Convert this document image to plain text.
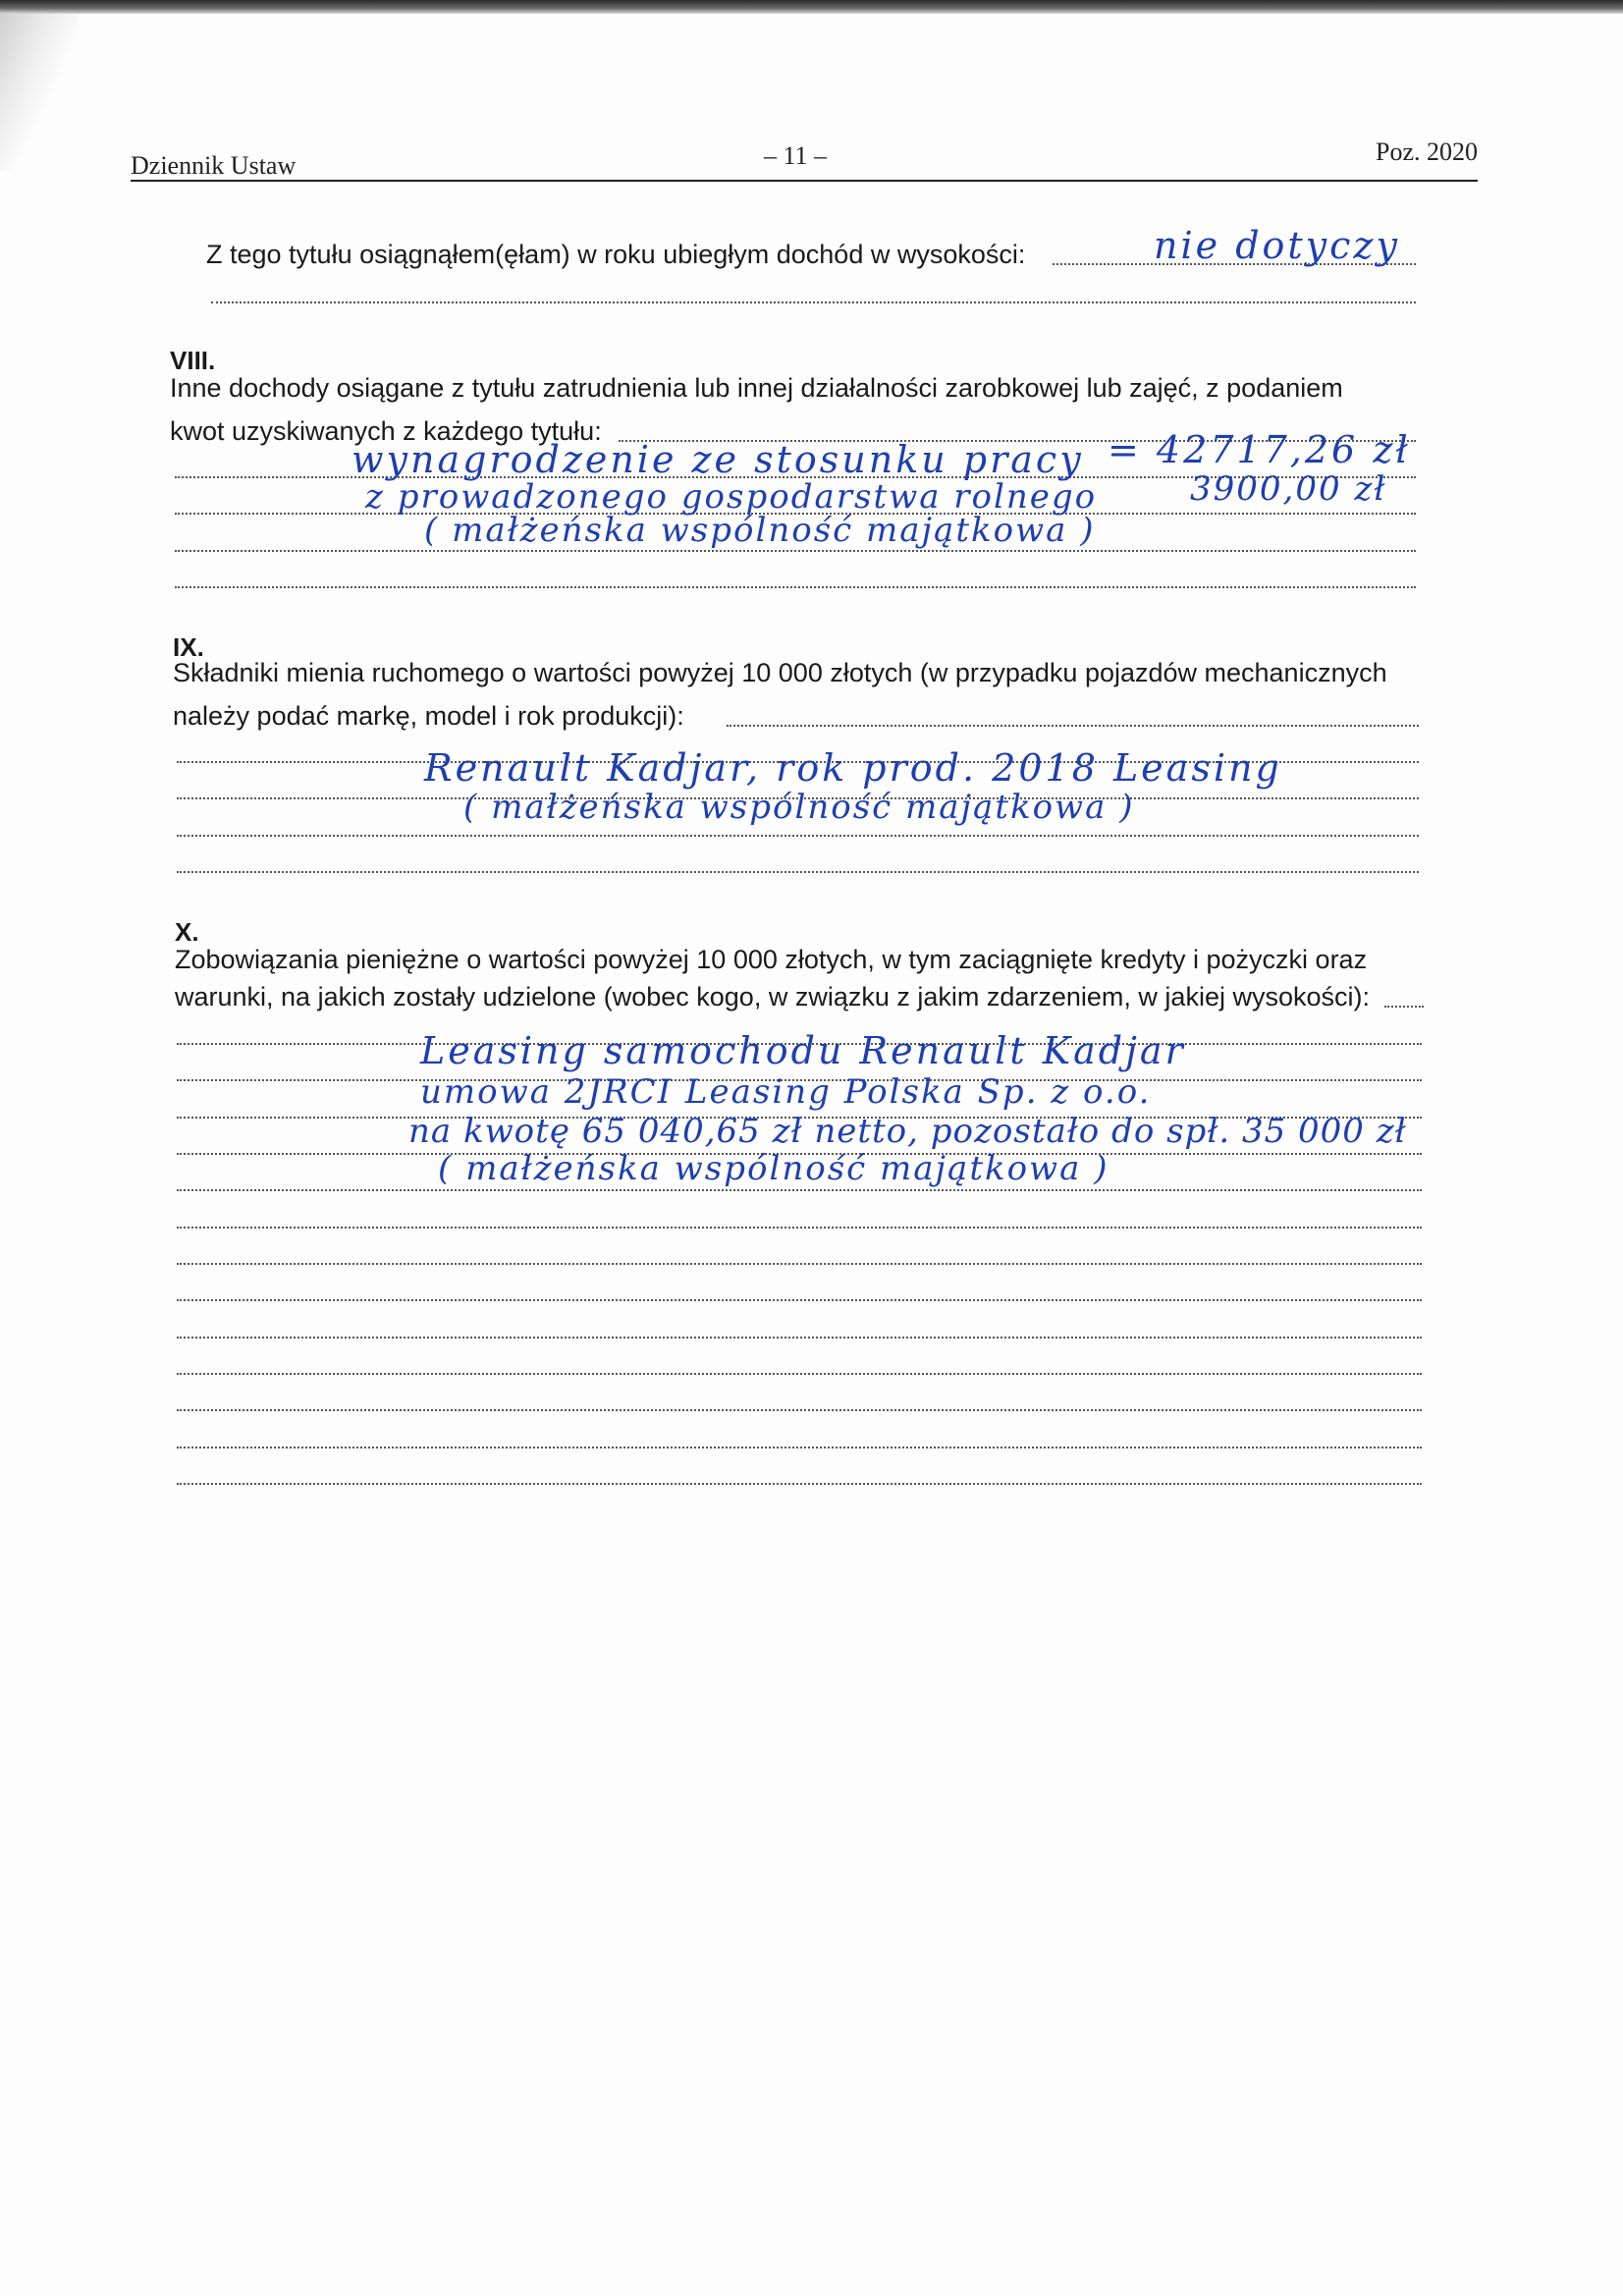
Dziennik Ustaw	– 11 –	Poz. 2020
Z tego tytułu osiągnąłem(ęłam) w roku ubiegłym dochód w wysokości:	nie dotyczy
VIII.
Inne dochody osiągane z tytułu zatrudnienia lub innej działalności zarobkowej lub zajęć, z podaniem
kwot uzyskiwanych z każdego tytułu:
wynagrodzenie ze stosunku pracy = 42717,26 zł
z prowadzonego gospodarstwa rolnego	3900,00 zł
( małżeńska wspólność majątkowa )
IX.
Składniki mienia ruchomego o wartości powyżej 10 000 złotych (w przypadku pojazdów mechanicznych
należy podać markę, model i rok produkcji):
Renault Kadjar, rok prod. 2018 Leasing
( małżeńska wspólność majątkowa )
X.
Zobowiązania pieniężne o wartości powyżej 10 000 złotych, w tym zaciągnięte kredyty i pożyczki oraz
warunki, na jakich zostały udzielone (wobec kogo, w związku z jakim zdarzeniem, w jakiej wysokości):
Leasing samochodu Renault Kadjar
umowa 2JRCI Leasing Polska Sp. z o.o.
na kwotę 65 040,65 zł netto, pozostało do spł. 35 000 zł
( małżeńska wspólność majątkowa )
